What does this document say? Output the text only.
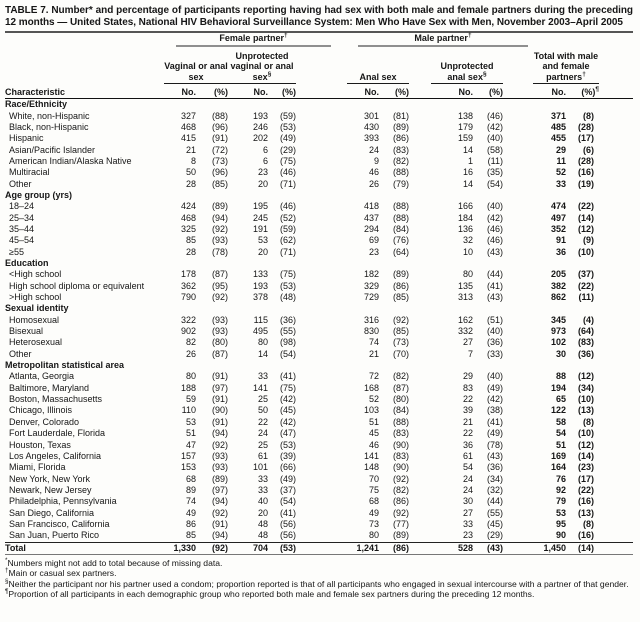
TABLE 7. Number* and percentage of participants reporting having had sex with both male and female partners during the preceding 12 months — United States, National HIV Behavioral Surveillance System: Men Who Have Sex with Men, November 2003–April 2005
Characteristic	Female partner†				Male partner†				Total with male and female partners†

	Vaginal or anal sex		Unprotected vaginal or anal sex§		Anal sex		Unprotected anal sex§

	No.	(%)	No.	(%)	No.	(%)	No.	(%)	No.	(%)¶
Race/Ethnicity										
White, non-Hispanic	327	(88)	193	(59)	301	(81)	138	(46)	371	(8)
Black, non-Hispanic	468	(96)	246	(53)	430	(89)	179	(42)	485	(28)
Hispanic	415	(91)	202	(49)	393	(86)	159	(40)	455	(17)
Asian/Pacific Islander	21	(72)	6	(29)	24	(83)	14	(58)	29	(6)
American Indian/Alaska Native	8	(73)	6	(75)	9	(82)	1	(11)	11	(28)
Multiracial	50	(96)	23	(46)	46	(88)	16	(35)	52	(16)
Other	28	(85)	20	(71)	26	(79)	14	(54)	33	(19)
Age group (yrs)										
18–24	424	(89)	195	(46)	418	(88)	166	(40)	474	(22)
25–34	468	(94)	245	(52)	437	(88)	184	(42)	497	(14)
35–44	325	(92)	191	(59)	294	(84)	136	(46)	352	(12)
45–54	85	(93)	53	(62)	69	(76)	32	(46)	91	(9)
≥55	28	(78)	20	(71)	23	(64)	10	(43)	36	(10)
Education										
<High school	178	(87)	133	(75)	182	(89)	80	(44)	205	(37)
High school diploma or equivalent	362	(95)	193	(53)	329	(86)	135	(41)	382	(22)
>High school	790	(92)	378	(48)	729	(85)	313	(43)	862	(11)
Sexual identity										
Homosexual	322	(93)	115	(36)	316	(92)	162	(51)	345	(4)
Bisexual	902	(93)	495	(55)	830	(85)	332	(40)	973	(64)
Heterosexual	82	(80)	80	(98)	74	(73)	27	(36)	102	(83)
Other	26	(87)	14	(54)	21	(70)	7	(33)	30	(36)
Metropolitan statistical area										
Atlanta, Georgia	80	(91)	33	(41)	72	(82)	29	(40)	88	(12)
Baltimore, Maryland	188	(97)	141	(75)	168	(87)	83	(49)	194	(34)
Boston, Massachusetts	59	(91)	25	(42)	52	(80)	22	(42)	65	(10)
Chicago, Illinois	110	(90)	50	(45)	103	(84)	39	(38)	122	(13)
Denver, Colorado	53	(91)	22	(42)	51	(88)	21	(41)	58	(8)
Fort Lauderdale, Florida	51	(94)	24	(47)	45	(83)	22	(49)	54	(10)
Houston, Texas	47	(92)	25	(53)	46	(90)	36	(78)	51	(12)
Los Angeles, California	157	(93)	61	(39)	141	(83)	61	(43)	169	(14)
Miami, Florida	153	(93)	101	(66)	148	(90)	54	(36)	164	(23)
New York, New York	68	(89)	33	(49)	70	(92)	24	(34)	76	(17)
Newark, New Jersey	89	(97)	33	(37)	75	(82)	24	(32)	92	(22)
Philadelphia, Pennsylvania	74	(94)	40	(54)	68	(86)	30	(44)	79	(16)
San Diego, California	49	(92)	20	(41)	49	(92)	27	(55)	53	(13)
San Francisco, California	86	(91)	48	(56)	73	(77)	33	(45)	95	(8)
San Juan, Puerto Rico	85	(94)	48	(56)	80	(89)	23	(29)	90	(16)
Total	1,330	(92)	704	(53)	1,241	(86)	528	(43)	1,450	(14)
*Numbers might not add to total because of missing data.
†Main or casual sex partners.
§Neither the participant nor his partner used a condom; proportion reported is that of all participants who engaged in sexual intercourse with a partner of that gender.
¶Proportion of all participants in each demographic group who reported both male and female sex partners during the preceding 12 months.
